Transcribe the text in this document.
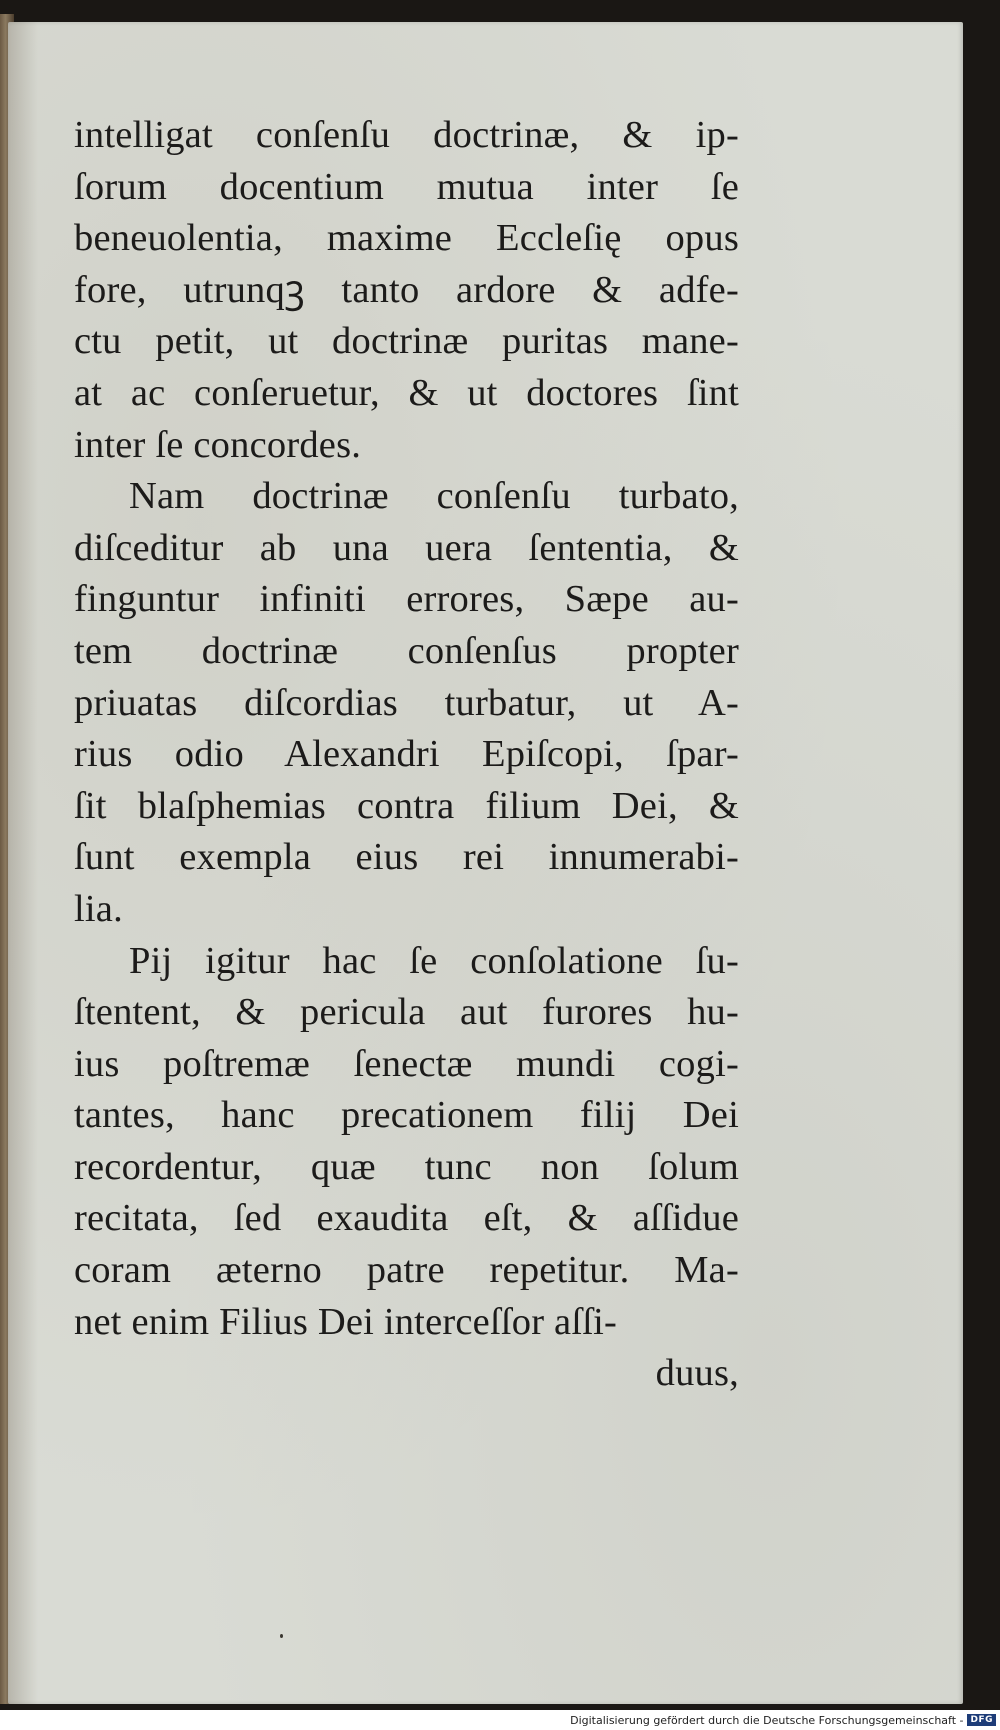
intelligat conſenſu doctrinæ, & ip-
ſorum docentium mutua inter ſe
beneuolentia, maxime Eccleſię opus
fore, utrunqꝫ tanto ardore & adfe-
ctu petit, ut doctrinæ puritas mane-
at ac conſeruetur, & ut doctores ſint
inter ſe concordes.
Nam doctrinæ conſenſu turbato,
diſceditur ab una uera ſententia, &
finguntur infiniti errores, Sæpe au-
tem doctrinæ conſenſus propter
priuatas diſcordias turbatur, ut A-
rius odio Alexandri Epiſcopi, ſpar-
ſit blaſphemias contra filium Dei, &
ſunt exempla eius rei innumerabi-
lia.
Pij igitur hac ſe conſolatione ſu-
ſtentent, & pericula aut furores hu-
ius poſtremæ ſenectæ mundi cogi-
tantes, hanc precationem filij Dei
recordentur, quæ tunc non ſolum
recitata, ſed exaudita eſt, & aſſidue
coram æterno patre repetitur. Ma-
net enim Filius Dei interceſſor aſſi-
duus,
Digitalisierung gefördert durch die Deutsche Forschungsgemeinschaft - DFG
